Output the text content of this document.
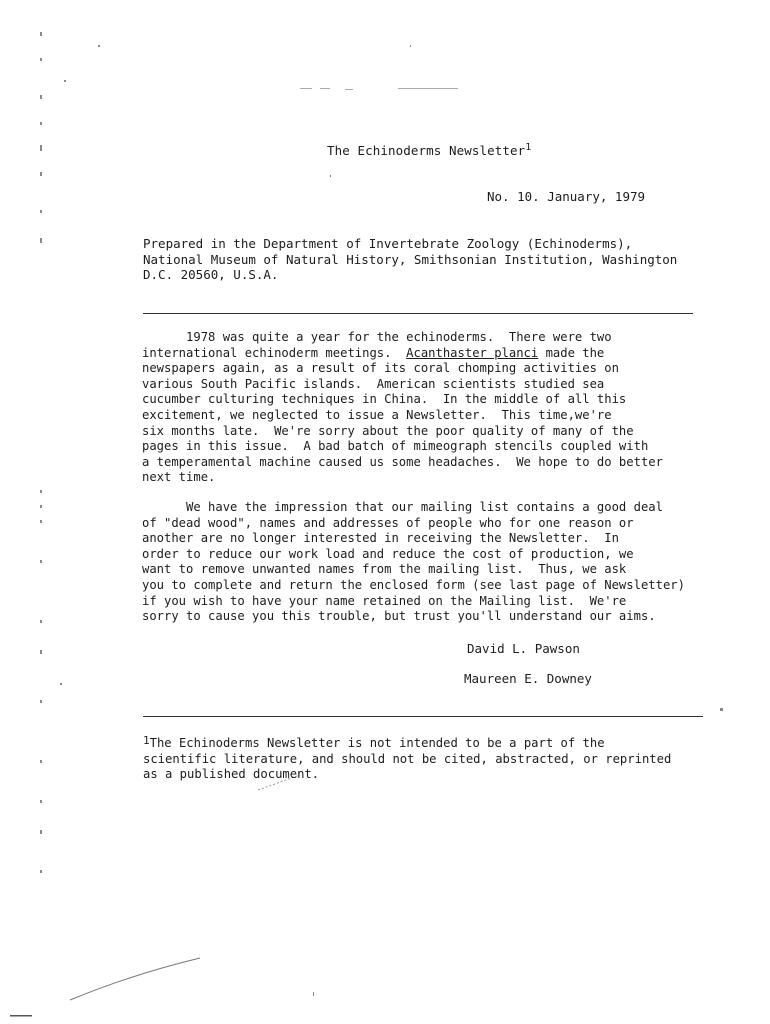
The Echinoderms Newsletter$^1$
No. 10. January, 1979
Prepared in the Department of Invertebrate Zoology (Echinoderms),
National Museum of Natural History, Smithsonian Institution, Washington
D.C. 20560, U.S.A.
1978 was quite a year for the echinoderms.  There were two
international echinoderm meetings.  Acanthaster planci made the
newspapers again, as a result of its coral chomping activities on
various South Pacific islands.  American scientists studied sea
cucumber culturing techniques in China.  In the middle of all this
excitement, we neglected to issue a Newsletter.  This time,we're
six months late.  We're sorry about the poor quality of many of the
pages in this issue.  A bad batch of mimeograph stencils coupled with
a temperamental machine caused us some headaches.  We hope to do better
next time.
We have the impression that our mailing list contains a good deal
of "dead wood", names and addresses of people who for one reason or
another are no longer interested in receiving the Newsletter.  In
order to reduce our work load and reduce the cost of production, we
want to remove unwanted names from the mailing list.  Thus, we ask
you to complete and return the enclosed form (see last page of Newsletter)
if you wish to have your name retained on the Mailing list.  We're
sorry to cause you this trouble, but trust you'll understand our aims.
David L. Pawson
Maureen E. Downey
1The Echinoderms Newsletter is not intended to be a part of the
scientific literature, and should not be cited, abstracted, or reprinted
as a published document.
